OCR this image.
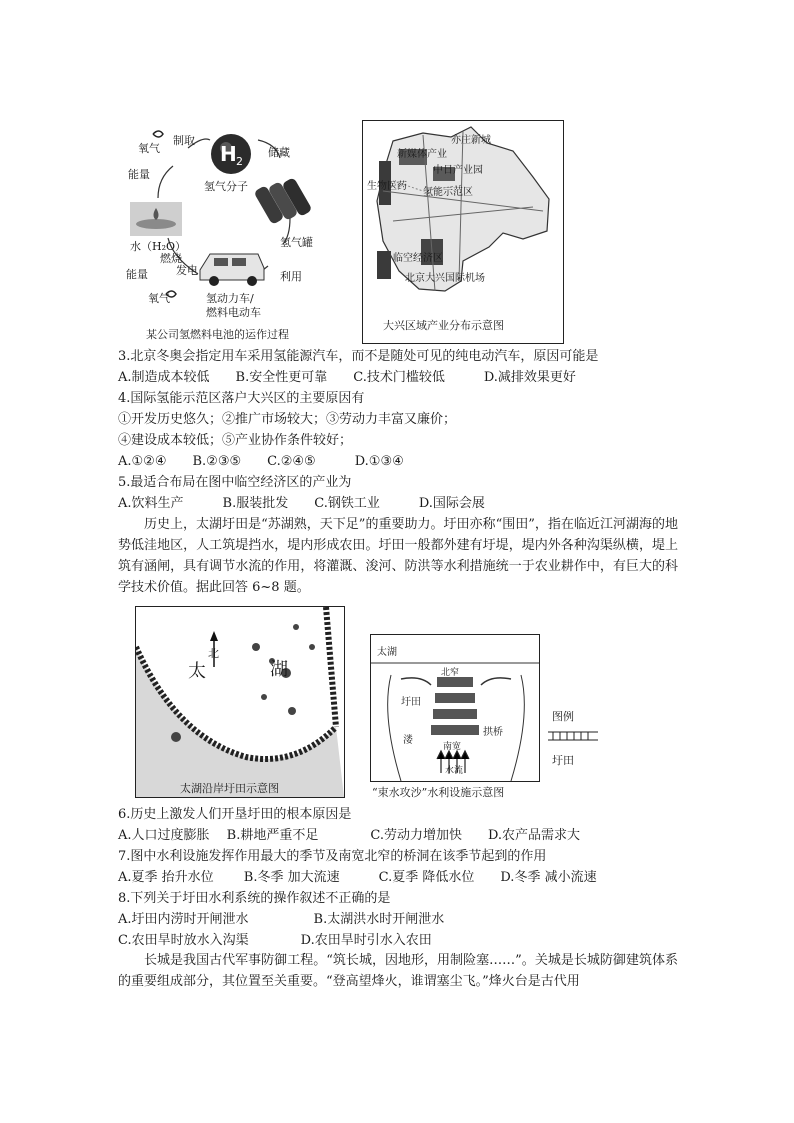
H 2
氧气
制取
能量
氢气分子
储藏
水（H₂O）	氢气罐
燃烧
发电
能量	利用
氧气	氢动力车/
燃料电动车
某公司氢燃料电池的运作过程
亦庄新城
新媒体产业
中日产业园
生物医药
氢能示范区
临空经济区
北京大兴国际机场
大兴区域产业分布示意图
3.北京冬奥会指定用车采用氢能源汽车，而不是随处可见的纯电动汽车，原因可能是
A.制造成本较低　　B.安全性更可靠　　C.技术门槛较低　　　D.减排效果更好
4.国际氢能示范区落户大兴区的主要原因有
①开发历史悠久；②推广市场较大；③劳动力丰富又廉价；
④建设成本较低；⑤产业协作条件较好；
A.①②④　　B.②③⑤　　C.②④⑤　　　D.①③④
5.最适合布局在图中临空经济区的产业为
A.饮料生产　　　B.服装批发　　C.钢铁工业　　　D.国际会展
历史上，太湖圩田是“苏湖熟，天下足”的重要助力。圩田亦称“围田”，指在临近江河湖海的地势低洼地区，人工筑堤挡水，堤内形成农田。圩田一般都外建有圩堤，堤内外各种沟渠纵横，堤上筑有涵闸，具有调节水流的作用，将灌溉、浚河、防洪等水利措施统一于农业耕作中，有巨大的科学技术价值。据此回答 6~8 题。
北
太	湖
太湖沿岸圩田示意图
太湖
北窄
圩田
拱桥
溇
南宽
水流
“束水攻沙”水利设施示意图
图例
圩田
6.历史上激发人们开垦圩田的根本原因是
A.人口过度膨胀　 B.耕地严重不足　　　　C.劳动力增加快　　D.农产品需求大
7.图中水利设施发挥作用最大的季节及南宽北窄的桥洞在该季节起到的作用
A.夏季 抬升水位　　 B.冬季 加大流速　　　C.夏季 降低水位　　D.冬季 减小流速
8.下列关于圩田水利系统的操作叙述不正确的是
A.圩田内涝时开闸泄水　　　　　B.太湖洪水时开闸泄水
C.农田旱时放水入沟渠　　　　D.农田旱时引水入农田
长城是我国古代军事防御工程。“筑长城，因地形，用制险塞……”。关城是长城防御建筑体系的重要组成部分，其位置至关重要。“登高望烽火，谁谓塞尘飞。”烽火台是古代用
